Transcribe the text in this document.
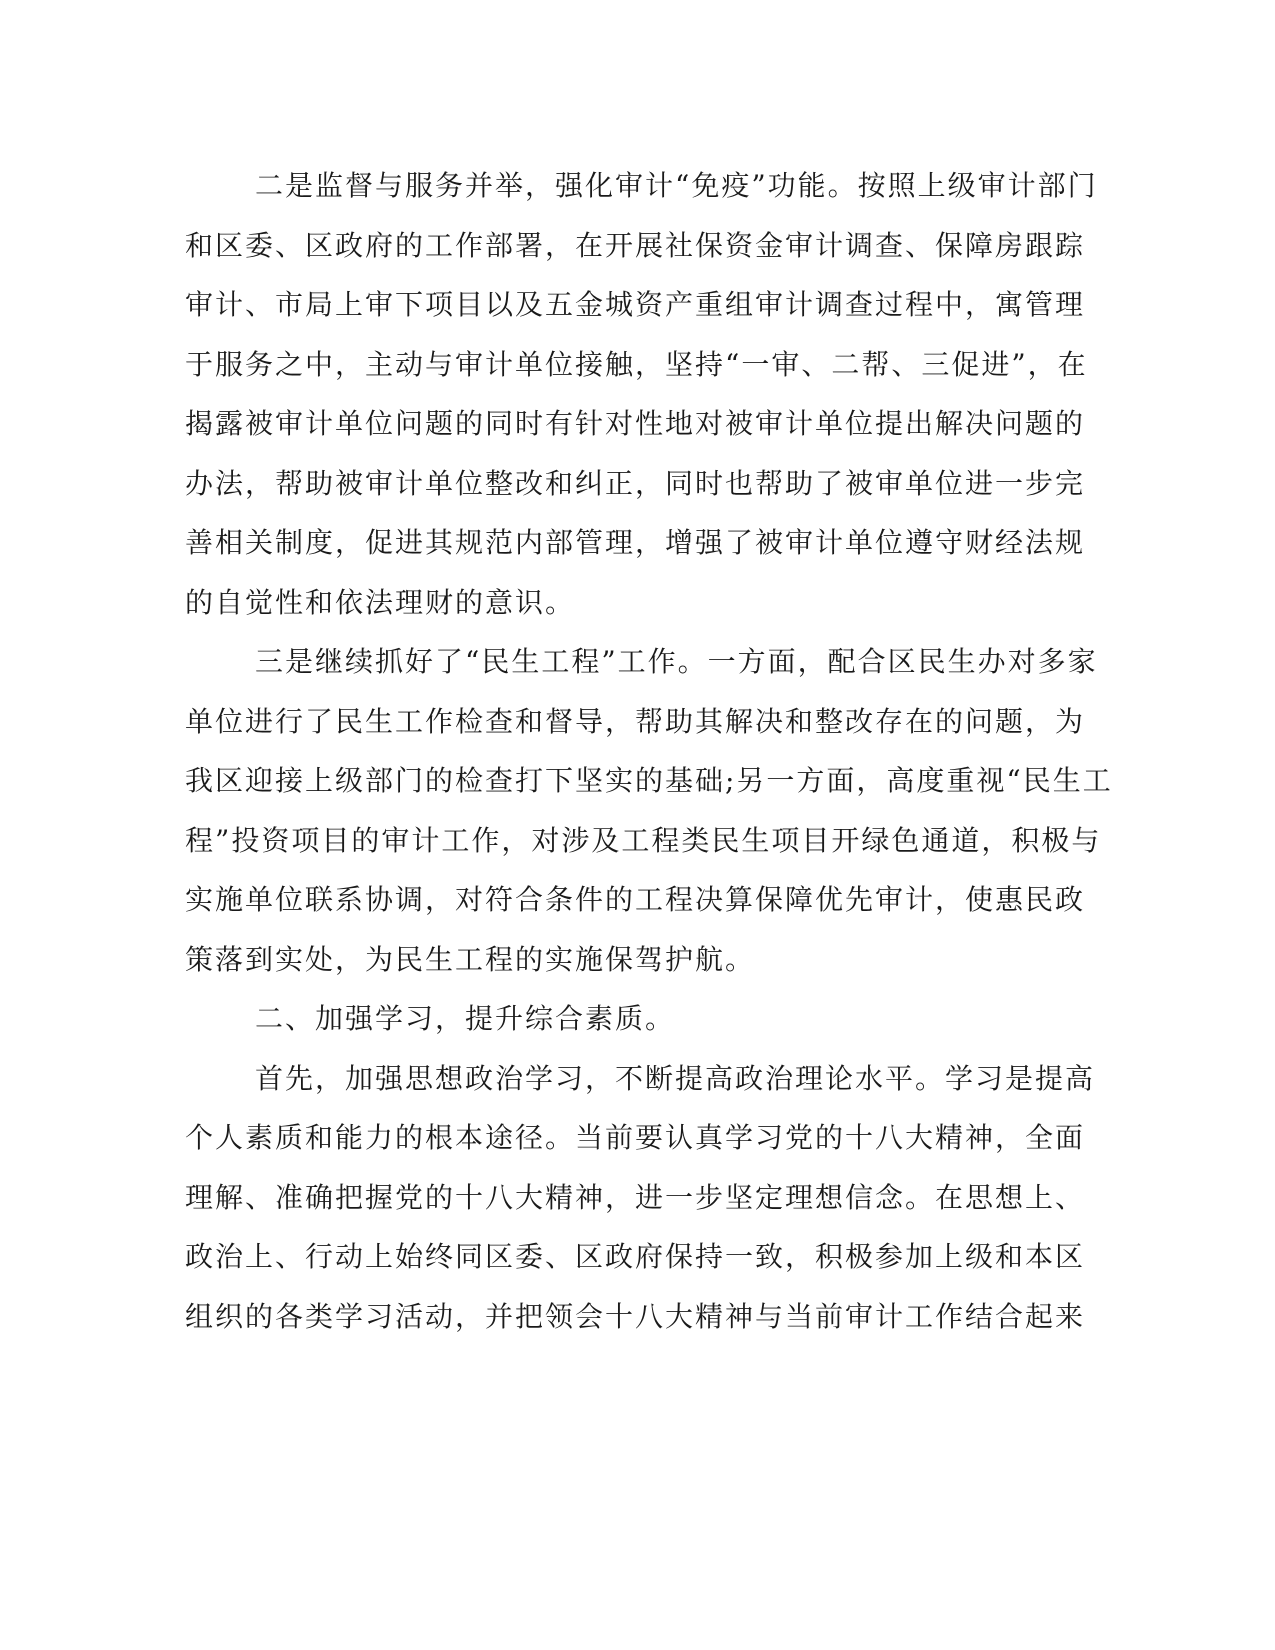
二是监督与服务并举，强化审计“免疫”功能。按照上级审计部门
和区委、区政府的工作部署，在开展社保资金审计调查、保障房跟踪
审计、市局上审下项目以及五金城资产重组审计调查过程中，寓管理
于服务之中，主动与审计单位接触，坚持“一审、二帮、三促进”，在
揭露被审计单位问题的同时有针对性地对被审计单位提出解决问题的
办法，帮助被审计单位整改和纠正，同时也帮助了被审单位进一步完
善相关制度，促进其规范内部管理，增强了被审计单位遵守财经法规
的自觉性和依法理财的意识。
三是继续抓好了“民生工程”工作。一方面，配合区民生办对多家
单位进行了民生工作检查和督导，帮助其解决和整改存在的问题，为
我区迎接上级部门的检查打下坚实的基础;另一方面，高度重视“民生工
程”投资项目的审计工作，对涉及工程类民生项目开绿色通道，积极与
实施单位联系协调，对符合条件的工程决算保障优先审计，使惠民政
策落到实处，为民生工程的实施保驾护航。
二、加强学习，提升综合素质。
首先，加强思想政治学习，不断提高政治理论水平。学习是提高
个人素质和能力的根本途径。当前要认真学习党的十八大精神，全面
理解、准确把握党的十八大精神，进一步坚定理想信念。在思想上、
政治上、行动上始终同区委、区政府保持一致，积极参加上级和本区
组织的各类学习活动，并把领会十八大精神与当前审计工作结合起来
